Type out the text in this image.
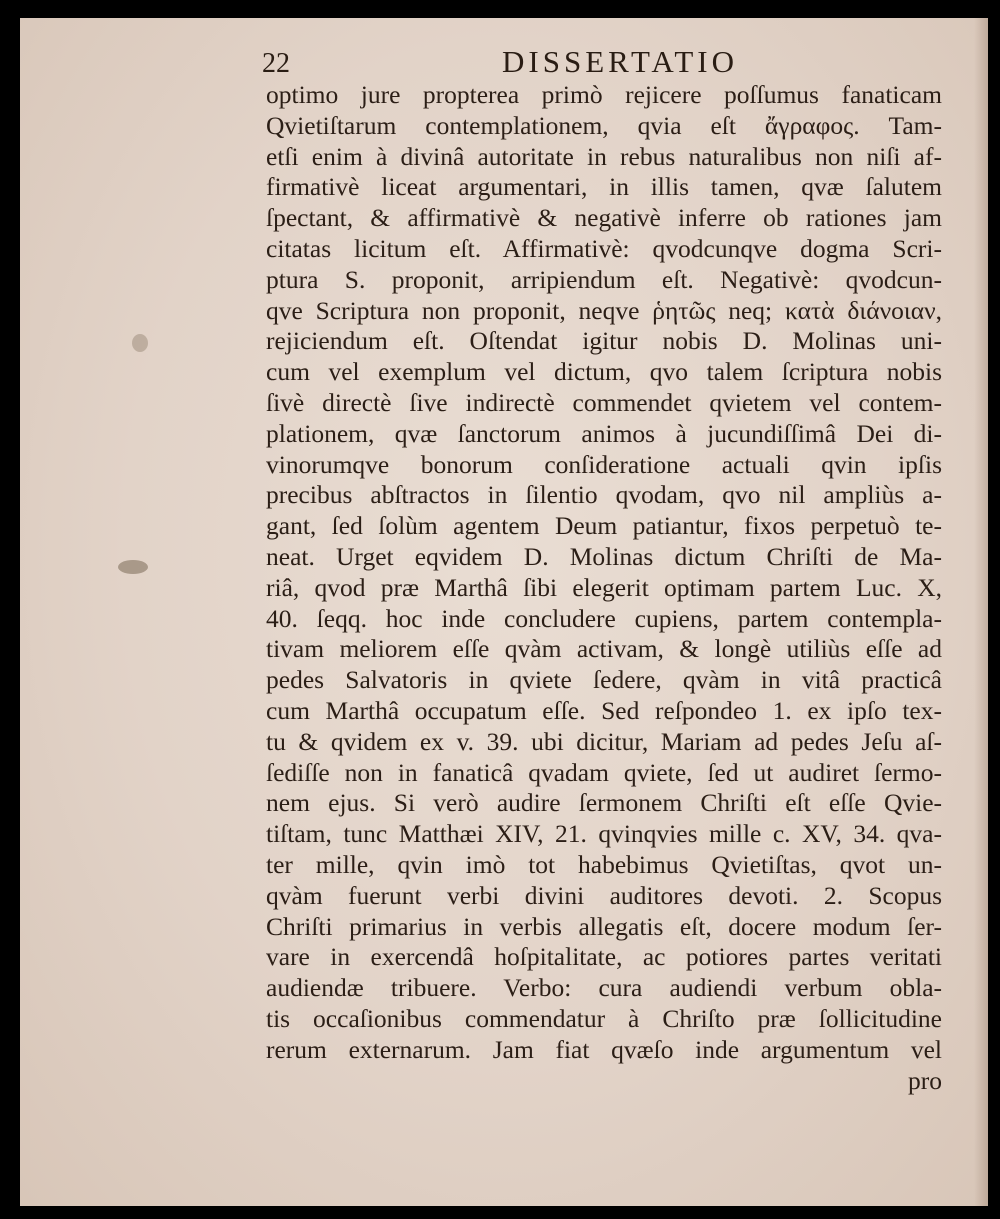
22	DISSERTATIO
optimo jure propterea primò rejicere poſſumus fanaticam
Qvietiſtarum contemplationem, qvia eſt ἄγραφος. Tam-
etſi enim à divinâ autoritate in rebus naturalibus non niſi af-
firmativè liceat argumentari, in illis tamen, qvæ ſalutem
ſpectant, & affirmativè & negativè inferre ob rationes jam
citatas licitum eſt. Affirmativè: qvodcunqve dogma Scri-
ptura S. proponit, arripiendum eſt. Negativè: qvodcun-
qve Scriptura non proponit, neqve ῥητῶς neq; κατὰ διάνοιαν,
rejiciendum eſt. Oſtendat igitur nobis D. Molinas uni-
cum vel exemplum vel dictum, qvo talem ſcriptura nobis
ſivè directè ſive indirectè commendet qvietem vel contem-
plationem, qvæ ſanctorum animos à jucundiſſimâ Dei di-
vinorumqve bonorum conſideratione actuali qvin ipſis
precibus abſtractos in ſilentio qvodam, qvo nil ampliùs a-
gant, ſed ſolùm agentem Deum patiantur, fixos perpetuò te-
neat. Urget eqvidem D. Molinas dictum Chriſti de Ma-
riâ, qvod præ Marthâ ſibi elegerit optimam partem Luc. X,
40. ſeqq. hoc inde concludere cupiens, partem contempla-
tivam meliorem eſſe qvàm activam, & longè utiliùs eſſe ad
pedes Salvatoris in qviete ſedere, qvàm in vitâ practicâ
cum Marthâ occupatum eſſe. Sed reſpondeo 1. ex ipſo tex-
tu & qvidem ex v. 39. ubi dicitur, Mariam ad pedes Jeſu aſ-
ſediſſe non in fanaticâ qvadam qviete, ſed ut audiret ſermo-
nem ejus. Si verò audire ſermonem Chriſti eſt eſſe Qvie-
tiſtam, tunc Matthæi XIV, 21. qvinqvies mille c. XV, 34. qva-
ter mille, qvin imò tot habebimus Qvietiſtas, qvot un-
qvàm fuerunt verbi divini auditores devoti. 2. Scopus
Chriſti primarius in verbis allegatis eſt, docere modum ſer-
vare in exercendâ hoſpitalitate, ac potiores partes veritati
audiendæ tribuere. Verbo: cura audiendi verbum obla-
tis occaſionibus commendatur à Chriſto præ ſollicitudine
rerum externarum. Jam fiat qvæſo inde argumentum vel
pro
